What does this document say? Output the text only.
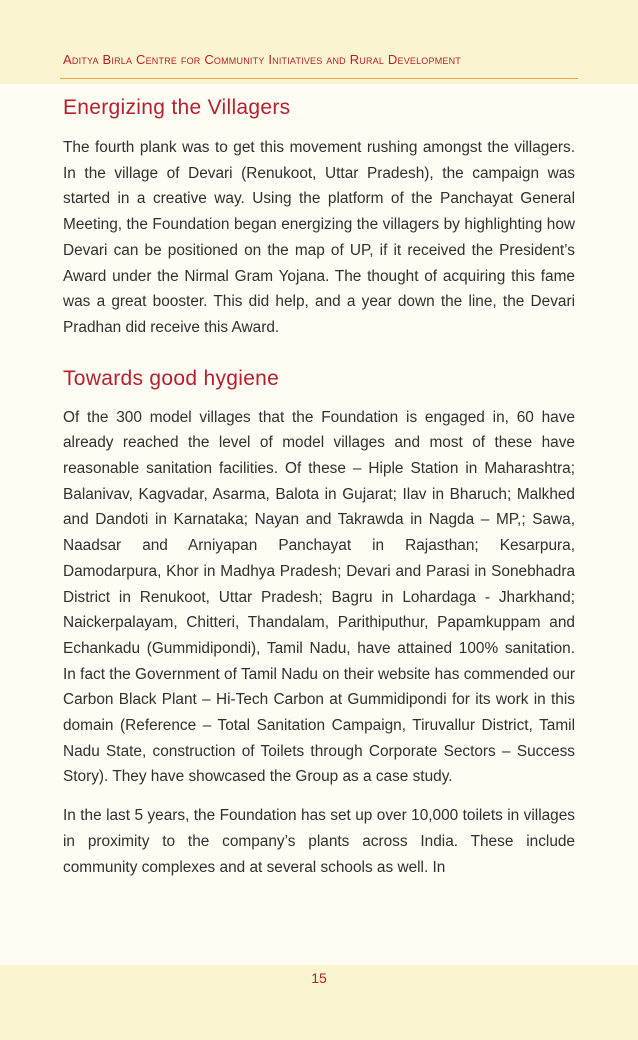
Aditya Birla Centre for Community Initiatives and Rural Development
Energizing the Villagers

The fourth plank was to get this movement rushing amongst the villagers. In the village of Devari (Renukoot, Uttar Pradesh), the campaign was started in a creative way. Using the platform of the Panchayat General Meeting, the Foundation began energizing the villagers by highlighting how Devari can be positioned on the map of UP, if it received the President’s Award under the Nirmal Gram Yojana. The thought of acquiring this fame was a great booster. This did help, and a year down the line, the Devari Pradhan did receive this Award.

Towards good hygiene

Of the 300 model villages that the Foundation is engaged in, 60 have already reached the level of model villages and most of these have reasonable sanitation facilities. Of these – Hiple Station in Maharashtra; Balanivav, Kagvadar, Asarma, Balota in Gujarat; Ilav in Bharuch; Malkhed and Dandoti in Karnataka; Nayan and Takrawda in Nagda – MP,; Sawa, Naadsar and Arniyapan Panchayat in Rajasthan; Kesarpura, Damodarpura, Khor in Madhya Pradesh; Devari and Parasi in Sonebhadra District in Renukoot, Uttar Pradesh; Bagru in Lohardaga - Jharkhand; Naickerpalayam, Chitteri, Thandalam, Parithiputhur, Papamkuppam and Echankadu (Gummidipondi), Tamil Nadu, have attained 100% sanitation. In fact the Government of Tamil Nadu on their website has commended our Carbon Black Plant – Hi-Tech Carbon at Gummidipondi for its work in this domain (Reference – Total Sanitation Campaign, Tiruvallur District, Tamil Nadu State, construction of Toilets through Corporate Sectors – Success Story). They have showcased the Group as a case study.

In the last 5 years, the Foundation has set up over 10,000 toilets in villages in proximity to the company’s plants across India. These include community complexes and at several schools as well. In

15
